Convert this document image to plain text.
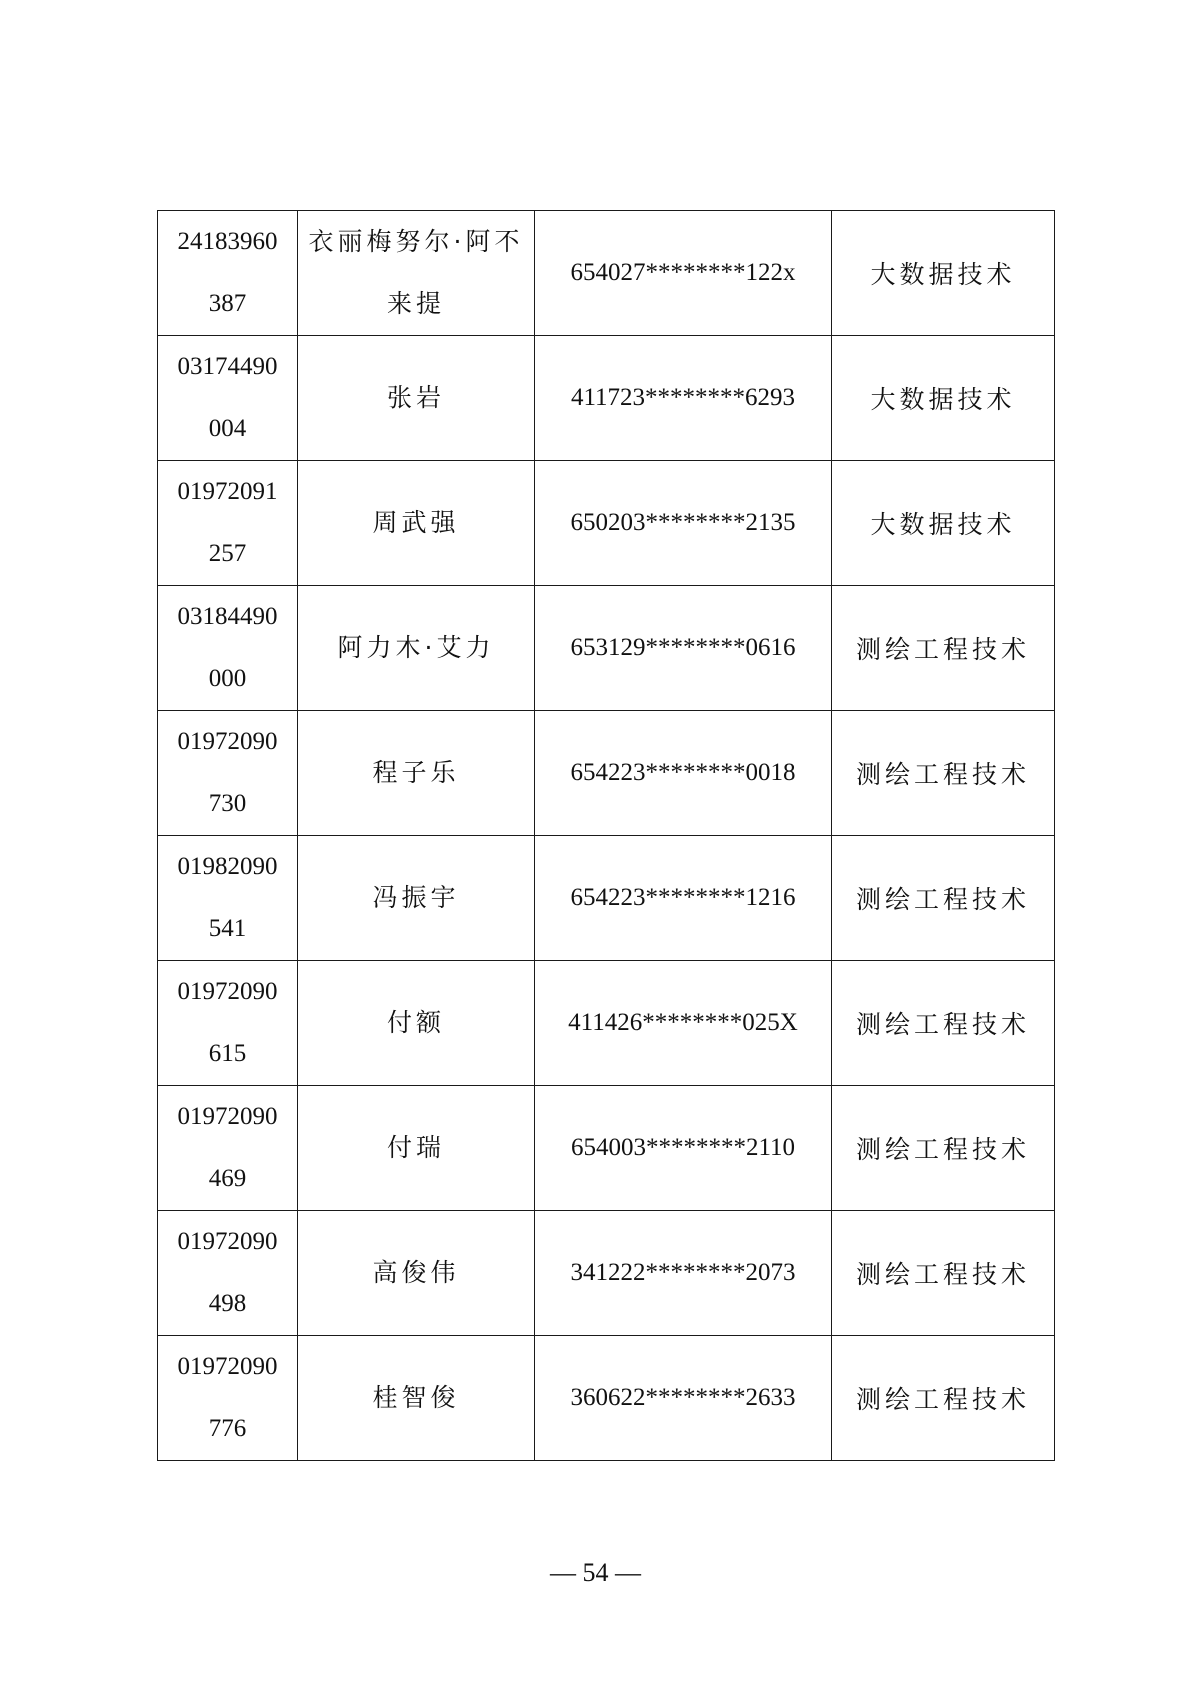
24183960
387	衣丽梅努尔·阿不来提	654027********122x	大数据技术

03174490
004	张岩	411723********6293	大数据技术

01972091
257	周武强	650203********2135	大数据技术

03184490
000	阿力木·艾力	653129********0616	测绘工程技术

01972090
730	程子乐	654223********0018	测绘工程技术

01982090
541	冯振宇	654223********1216	测绘工程技术

01972090
615	付额	411426********025X	测绘工程技术

01972090
469	付瑞	654003********2110	测绘工程技术

01972090
498	高俊伟	341222********2073	测绘工程技术

01972090
776	桂智俊	360622********2633	测绘工程技术
— 54 —
